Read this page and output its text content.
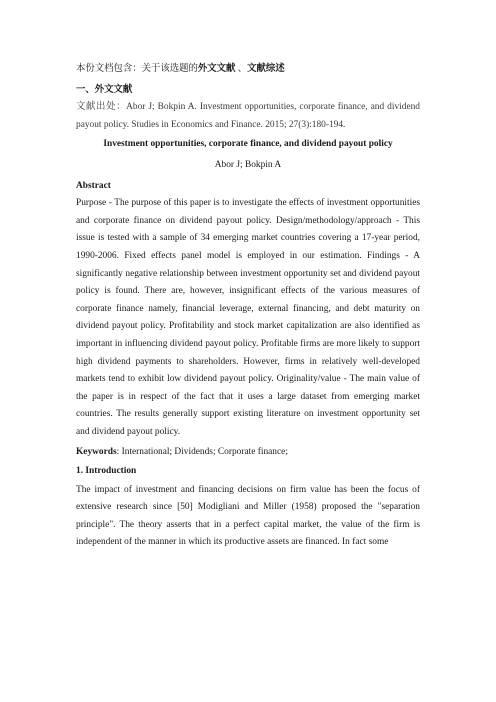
本份文档包含：关于该选题的外文文献 、文献综述
一、外文文献
文献出处：Abor J; Bokpin A. Investment opportunities, corporate finance, and dividend payout policy. Studies in Economics and Finance. 2015; 27(3):180-194.
Investment opportunities, corporate finance, and dividend payout policy
Abor J; Bokpin A
Abstract
Purpose - The purpose of this paper is to investigate the effects of investment opportunities and corporate finance on dividend payout policy. Design/methodology/approach - This issue is tested with a sample of 34 emerging market countries covering a 17-year period, 1990-2006. Fixed effects panel model is employed in our estimation. Findings - A significantly negative relationship between investment opportunity set and dividend payout policy is found. There are, however, insignificant effects of the various measures of corporate finance namely, financial leverage, external financing, and debt maturity on dividend payout policy. Profitability and stock market capitalization are also identified as important in influencing dividend payout policy. Profitable firms are more likely to support high dividend payments to shareholders. However, firms in relatively well-developed markets tend to exhibit low dividend payout policy. Originality/value - The main value of the paper is in respect of the fact that it uses a large dataset from emerging market countries. The results generally support existing literature on investment opportunity set and dividend payout policy.
Keywords: International; Dividends; Corporate finance;
1. Introduction
The impact of investment and financing decisions on firm value has been the focus of extensive research since [50] Modigliani and Miller (1958) proposed the "separation principle". The theory asserts that in a perfect capital market, the value of the firm is independent of the manner in which its productive assets are financed. In fact some
